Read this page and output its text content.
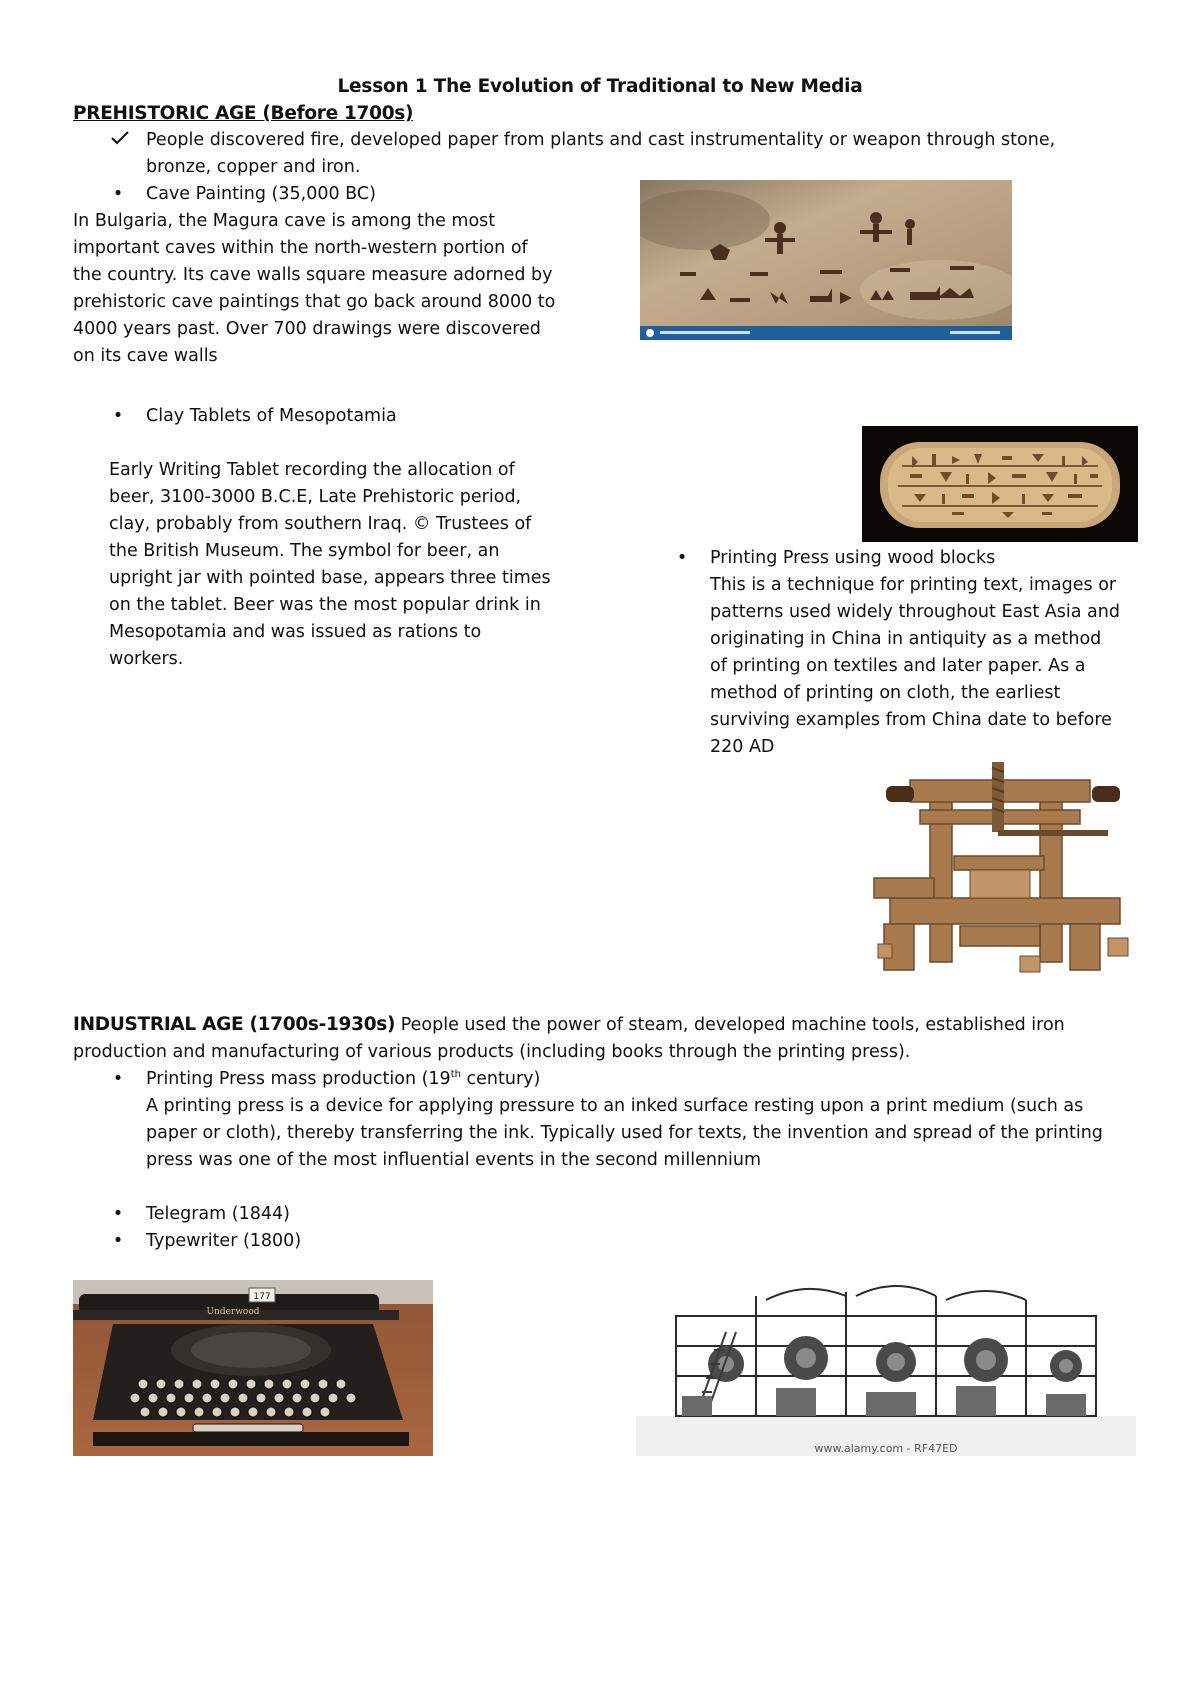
Lesson 1 The Evolution of Traditional to New Media
PREHISTORIC AGE (Before 1700s)
People discovered fire, developed paper from plants and cast instrumentality or weapon through stone,
bronze, copper and iron.
• Cave Painting (35,000 BC)
In Bulgaria, the Magura cave is among the most
important caves within the north-western portion of
the country. Its cave walls square measure adorned by
prehistoric cave paintings that go back around 8000 to
4000 years past. Over 700 drawings were discovered
on its cave walls
• Clay Tablets of Mesopotamia
Early Writing Tablet recording the allocation of
beer, 3100-3000 B.C.E, Late Prehistoric period,
clay, probably from southern Iraq. © Trustees of
the British Museum. The symbol for beer, an
upright jar with pointed base, appears three times
on the tablet. Beer was the most popular drink in
Mesopotamia and was issued as rations to
workers.
• Printing Press using wood blocks
This is a technique for printing text, images or
patterns used widely throughout East Asia and
originating in China in antiquity as a method
of printing on textiles and later paper. As a
method of printing on cloth, the earliest
surviving examples from China date to before
220 AD
INDUSTRIAL AGE (1700s-1930s) People used the power of steam, developed machine tools, established iron
production and manufacturing of various products (including books through the printing press).
• Printing Press mass production (19th century)
A printing press is a device for applying pressure to an inked surface resting upon a print medium (such as
paper or cloth), thereby transferring the ink. Typically used for texts, the invention and spread of the printing
press was one of the most influential events in the second millennium
• Telegram (1844)
• Typewriter (1800)
177
Underwood
www.alamy.com - RF47ED
